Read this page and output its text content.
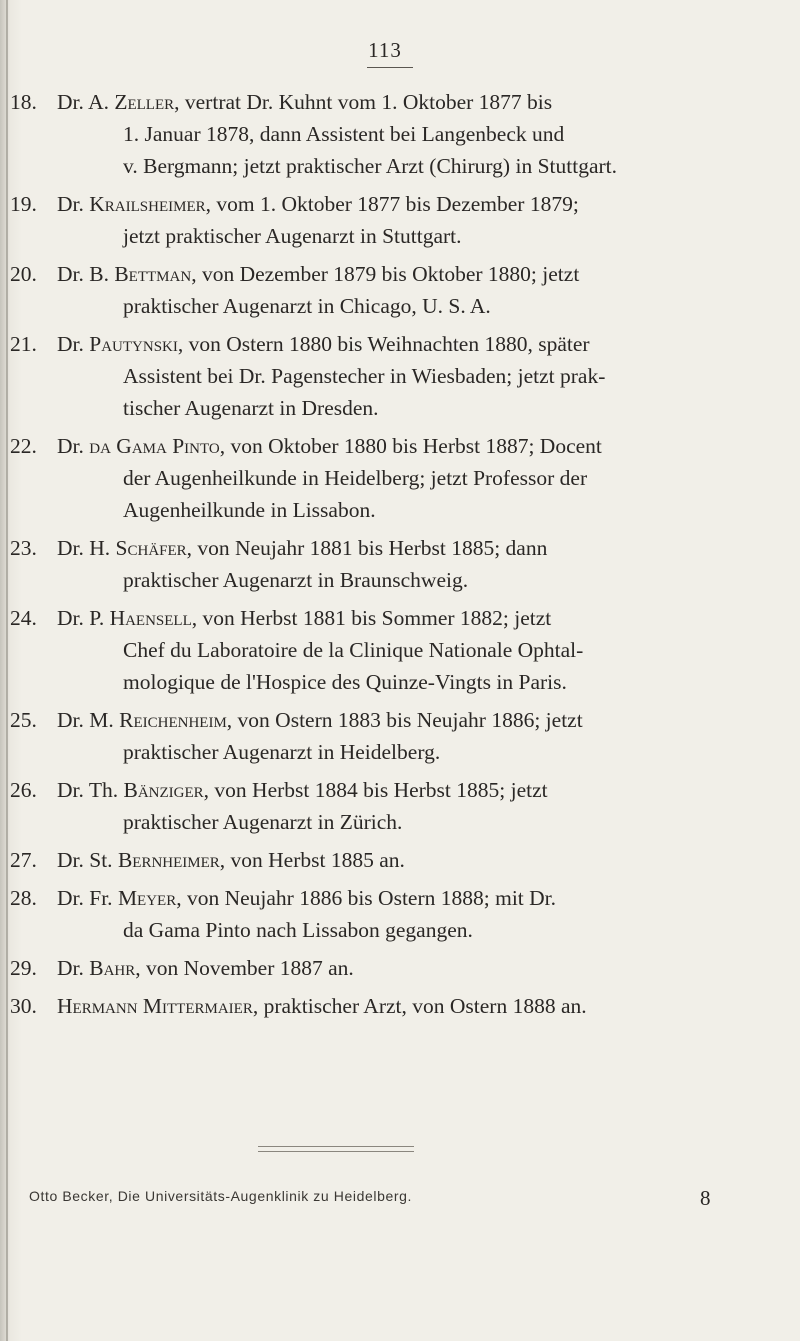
113
18. Dr. A. Zeller, vertrat Dr. Kuhnt vom 1. Oktober 1877 bis
1. Januar 1878, dann Assistent bei Langenbeck und
v. Bergmann; jetzt praktischer Arzt (Chirurg) in Stuttgart.
19. Dr. Krailsheimer, vom 1. Oktober 1877 bis Dezember 1879;
jetzt praktischer Augenarzt in Stuttgart.
20. Dr. B. Bettman, von Dezember 1879 bis Oktober 1880; jetzt
praktischer Augenarzt in Chicago, U. S. A.
21. Dr. Pautynski, von Ostern 1880 bis Weihnachten 1880, später
Assistent bei Dr. Pagenstecher in Wiesbaden; jetzt prak-
tischer Augenarzt in Dresden.
22. Dr. da Gama Pinto, von Oktober 1880 bis Herbst 1887; Docent
der Augenheilkunde in Heidelberg; jetzt Professor der
Augenheilkunde in Lissabon.
23. Dr. H. Schäfer, von Neujahr 1881 bis Herbst 1885; dann
praktischer Augenarzt in Braunschweig.
24. Dr. P. Haensell, von Herbst 1881 bis Sommer 1882; jetzt
Chef du Laboratoire de la Clinique Nationale Ophtal-
mologique de l'Hospice des Quinze-Vingts in Paris.
25. Dr. M. Reichenheim, von Ostern 1883 bis Neujahr 1886; jetzt
praktischer Augenarzt in Heidelberg.
26. Dr. Th. Bänziger, von Herbst 1884 bis Herbst 1885; jetzt
praktischer Augenarzt in Zürich.
27. Dr. St. Bernheimer, von Herbst 1885 an.
28. Dr. Fr. Meyer, von Neujahr 1886 bis Ostern 1888; mit Dr.
da Gama Pinto nach Lissabon gegangen.
29. Dr. Bahr, von November 1887 an.
30. Hermann Mittermaier, praktischer Arzt, von Ostern 1888 an.
Otto Becker, Die Universitäts-Augenklinik zu Heidelberg.	8
